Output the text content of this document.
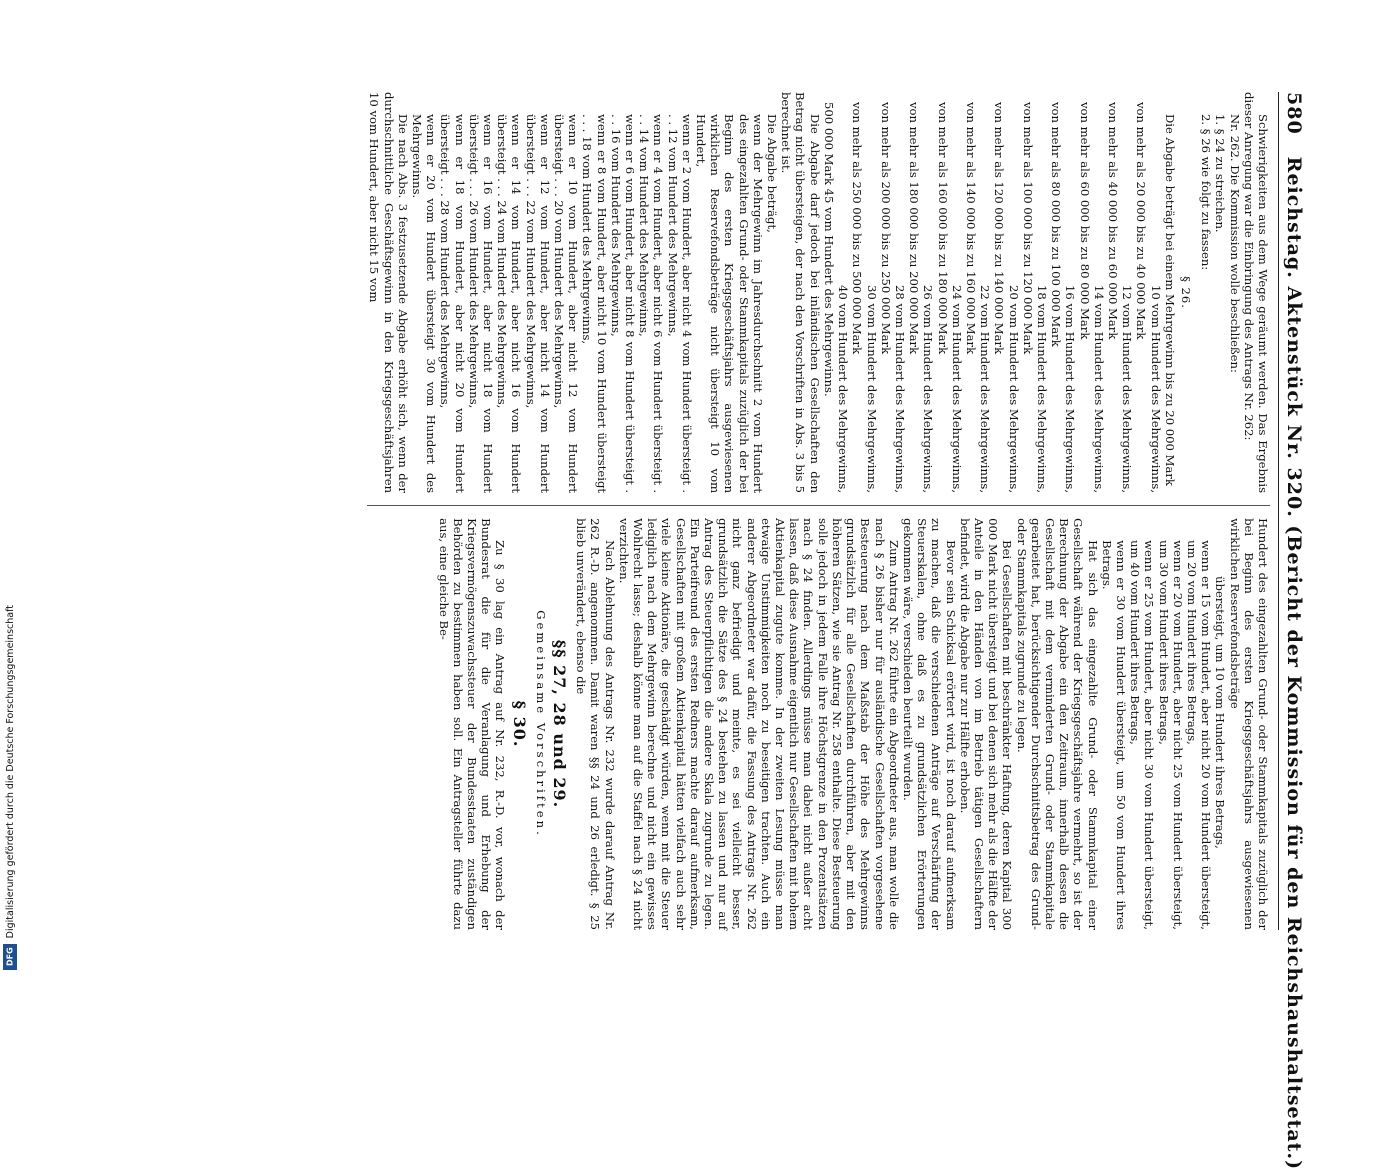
580
Reichstag. Aktenstück Nr. 320. (Bericht der Kommission für den Reichshaushaltsetat.)

Schwierigkeiten aus dem Wege geräumt werden. Das Ergebnis dieser Anregung war die Einbringung des Antrags Nr. 262:

Nr. 262. Die Kommission wolle beschließen:

1. § 24 zu streichen.

2. § 26 wie folgt zu fassen:

§ 26.

Die Abgabe beträgt bei einem Mehrgewinn bis zu 20 000 Mark

10 vom Hundert des Mehrgewinns,
von mehr als 20 000 bis zu 40 000 Mark
12 vom Hundert des Mehrgewinns,
von mehr als 40 000 bis zu 60 000 Mark
14 vom Hundert des Mehrgewinns,
von mehr als 60 000 bis zu 80 000 Mark
16 vom Hundert des Mehrgewinns,
von mehr als 80 000 bis zu 100 000 Mark
18 vom Hundert des Mehrgewinns,
von mehr als 100 000 bis zu 120 000 Mark
20 vom Hundert des Mehrgewinns,
von mehr als 120 000 bis zu 140 000 Mark
22 vom Hundert des Mehrgewinns,
von mehr als 140 000 bis zu 160 000 Mark
24 vom Hundert des Mehrgewinns,
von mehr als 160 000 bis zu 180 000 Mark
26 vom Hundert des Mehrgewinns,
von mehr als 180 000 bis zu 200 000 Mark
28 vom Hundert des Mehrgewinns,
von mehr als 200 000 bis zu 250 000 Mark
30 vom Hundert des Mehrgewinns,
von mehr als 250 000 bis zu 500 000 Mark
40 vom Hundert des Mehrgewinns,
500 000 Mark 45 vom Hundert des Mehrgewinns.

Die Abgabe darf jedoch bei inländischen Gesellschaften den Betrag nicht übersteigen, der nach den Vorschriften in Abs. 3 bis 5 berechnet ist.

Die Abgabe beträgt,

wenn der Mehrgewinn im Jahresdurchschnitt 2 vom Hundert des eingezahlten Grund- oder Stammkapitals zuzüglich der bei Beginn des ersten Kriegsgeschäftsjahrs ausgewiesenen wirklichen Reservefondsbeträge nicht übersteigt 10 vom Hundert,

wenn er 2 vom Hundert, aber nicht 4 vom Hundert übersteigt . . . 12 vom Hundert des Mehrgewinns,

wenn er 4 vom Hundert, aber nicht 6 vom Hundert übersteigt . . . 14 vom Hundert des Mehrgewinns,

wenn er 6 vom Hundert, aber nicht 8 vom Hundert übersteigt . . . 16 vom Hundert des Mehrgewinns,

wenn er 8 vom Hundert, aber nicht 10 vom Hundert übersteigt . . . 18 vom Hundert des Mehrgewinns,

wenn er 10 vom Hundert, aber nicht 12 vom Hundert übersteigt . . . 20 vom Hundert des Mehrgewinns,

wenn er 12 vom Hundert, aber nicht 14 vom Hundert übersteigt . . . 22 vom Hundert des Mehrgewinns,

wenn er 14 vom Hundert, aber nicht 16 vom Hundert übersteigt . . . 24 vom Hundert des Mehrgewinns,

wenn er 16 vom Hundert, aber nicht 18 vom Hundert übersteigt . . . 26 vom Hundert des Mehrgewinns,

wenn er 18 vom Hundert, aber nicht 20 vom Hundert übersteigt . . . 28 vom Hundert des Mehrgewinns,

wenn er 20 vom Hundert übersteigt 30 vom Hundert des Mehrgewinns.

Die nach Abs. 3 festzusetzende Abgabe erhöht sich, wenn der durchschnittliche Geschäftsgewinn in den Kriegsgeschäftsjahren 10 vom Hundert, aber nicht 15 vom

Hundert des eingezahlten Grund- oder Stammkapitals zuzüglich der bei Beginn des ersten Kriegsgeschäftsjahrs ausgewiesenen wirklichen Reservefondsbeträge

übersteigt, um 10 vom Hundert ihres Betrags,

wenn er 15 vom Hundert, aber nicht 20 vom Hundert übersteigt, um 20 vom Hundert ihres Betrags,

wenn er 20 vom Hundert, aber nicht 25 vom Hundert übersteigt, um 30 vom Hundert ihres Betrags,

wenn er 25 vom Hundert, aber nicht 30 vom Hundert übersteigt, um 40 vom Hundert ihres Betrags,

wenn er 30 vom Hundert übersteigt, um 50 vom Hundert ihres Betrags.

Hat sich das eingezahlte Grund- oder Stammkapital einer Gesellschaft während der Kriegsgeschäftsjahre vermehrt, so ist der Berechnung der Abgabe ein den Zeitraum, innerhalb dessen die Gesellschaft mit dem verminderten Grund- oder Stammkapitale gearbeitet hat, berücksichtigender Durchschnittsbetrag des Grund- oder Stammkapitals zugrunde zu legen.

Bei Gesellschaften mit beschränkter Haftung, deren Kapital 300 000 Mark nicht übersteigt und bei denen sich mehr als die Hälfte der Anteile in den Händen von im Betrieb tätigen Gesellschaftern befindet, wird die Abgabe nur zur Hälfte erhoben.

Bevor sein Schicksal erörtert wird, ist noch darauf aufmerksam zu machen, daß die verschiedenen Anträge auf Verschärfung der Steuerskalen, ohne daß es zu grundsätzlichen Erörterungen gekommen wäre, verschieden beurteilt wurden.

Zum Antrag Nr. 262 führte ein Abgeordneter aus, man wolle die nach § 26 bisher nur für ausländische Gesellschaften vorgesehene Besteuerung nach dem Maßstab der Höhe des Mehrgewinns grundsätzlich für alle Gesellschaften durchführen, aber mit den höheren Sätzen, wie sie Antrag Nr. 258 enthalte. Diese Besteuerung solle jedoch in jedem Falle ihre Höchstgrenze in den Prozentsätzen nach § 24 finden. Allerdings müsse man dabei nicht außer acht lassen, daß diese Ausnahme eigentlich nur Gesellschaften mit hohem Aktienkapital zugute komme. In der zweiten Lesung müsse man etwaige Unstimmigkeiten noch zu beseitigen trachten. Auch ein anderer Abgeordneter war dafür, die Fassung des Antrags Nr. 262 nicht ganz befriedigt und meinte, es sei vielleicht besser, grundsätzlich die Sätze des § 24 bestehen zu lassen und nur auf Antrag des Steuerpflichtigen die andere Skala zugrunde zu legen. Ein Parteifreund des ersten Redners machte darauf aufmerksam, Gesellschaften mit großem Aktienkapital hätten vielfach auch sehr viele kleine Aktionäre, die geschädigt würden, wenn mit die Steuer lediglich nach dem Mehrgewinn berechne und nicht ein gewisses Wohlrecht lasse; deshalb könne man auf die Staffel nach § 24 nicht verzichten.

Nach Ablehnung des Antrags Nr. 232 wurde darauf Antrag Nr. 262 R.-D. angenommen. Damit waren §§ 24 und 26 erledigt. § 25 blieb unverändert, ebenso die

§§ 27, 28 und 29.
Gemeinsame Vorschriften.
§ 30.

Zu § 30 lag ein Antrag auf Nr. 232, R.-D. vor, wonach der Bundesrat die für die Veranlagung und Erhebung der Kriegsvermögenszuwachssteuer der Bundesstaaten zuständigen Behörden zu bestimmen haben soll. Ein Antragsteller führte dazu aus, eine gleiche Be-

Digitalisierung gefördert durch die Deutsche Forschungsgemeinschaft
DFG
